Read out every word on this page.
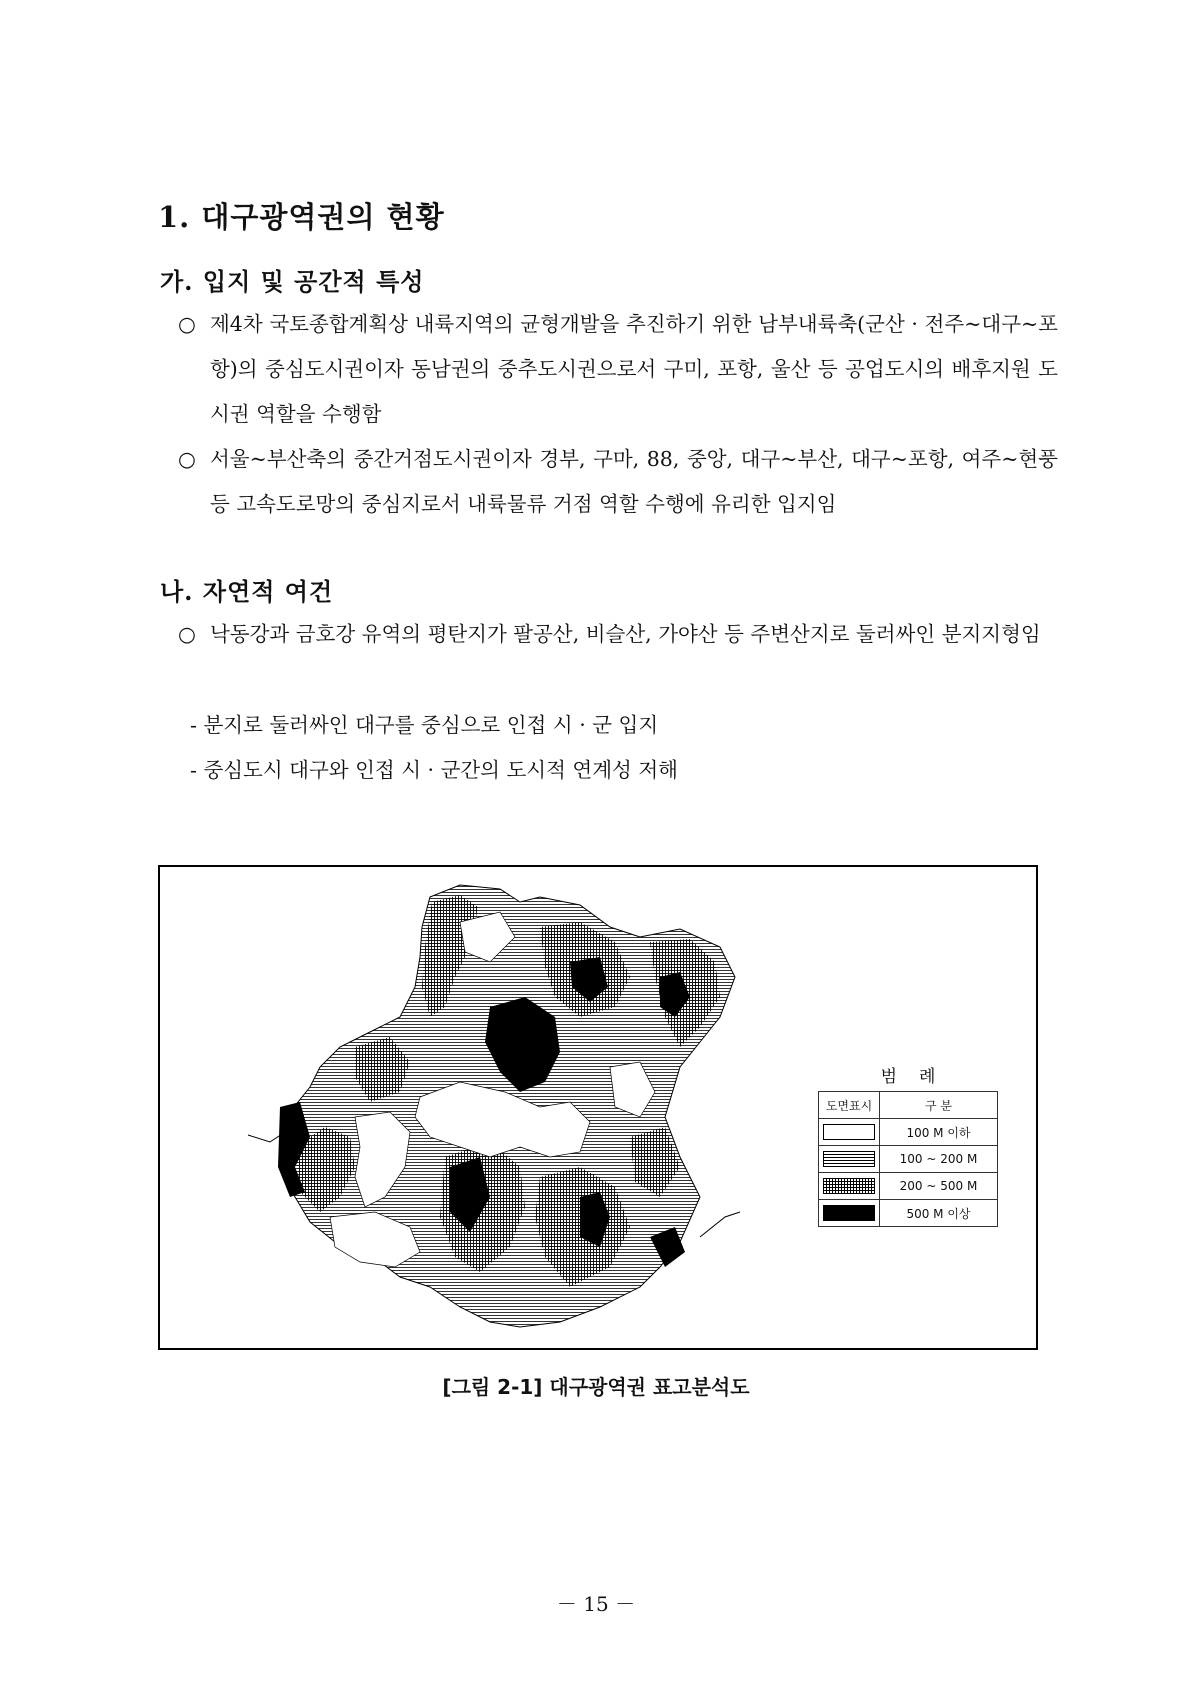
1. 대구광역권의 현황
가. 입지 및 공간적 특성
○ 제4차 국토종합계획상 내륙지역의 균형개발을 추진하기 위한 남부내륙축(군산 · 전주~대구~포항)의 중심도시권이자 동남권의 중추도시권으로서 구미, 포항, 울산 등 공업도시의 배후지원 도시권 역할을 수행함
○ 서울~부산축의 중간거점도시권이자 경부, 구마, 88, 중앙, 대구~부산, 대구~포항, 여주~현풍 등 고속도로망의 중심지로서 내륙물류 거점 역할 수행에 유리한 입지임
나. 자연적 여건
○ 낙동강과 금호강 유역의 평탄지가 팔공산, 비슬산, 가야산 등 주변산지로 둘러싸인 분지지형임
- 분지로 둘러싸인 대구를 중심으로 인접 시 · 군 입지
- 중심도시 대구와 인접 시 · 군간의 도시적 연계성 저해
범례
도면표시	구 분
	100 M 이하
	100 ~ 200 M
	200 ~ 500 M
	500 M 이상
[그림 2-1] 대구광역권 표고분석도
－ 15 －
